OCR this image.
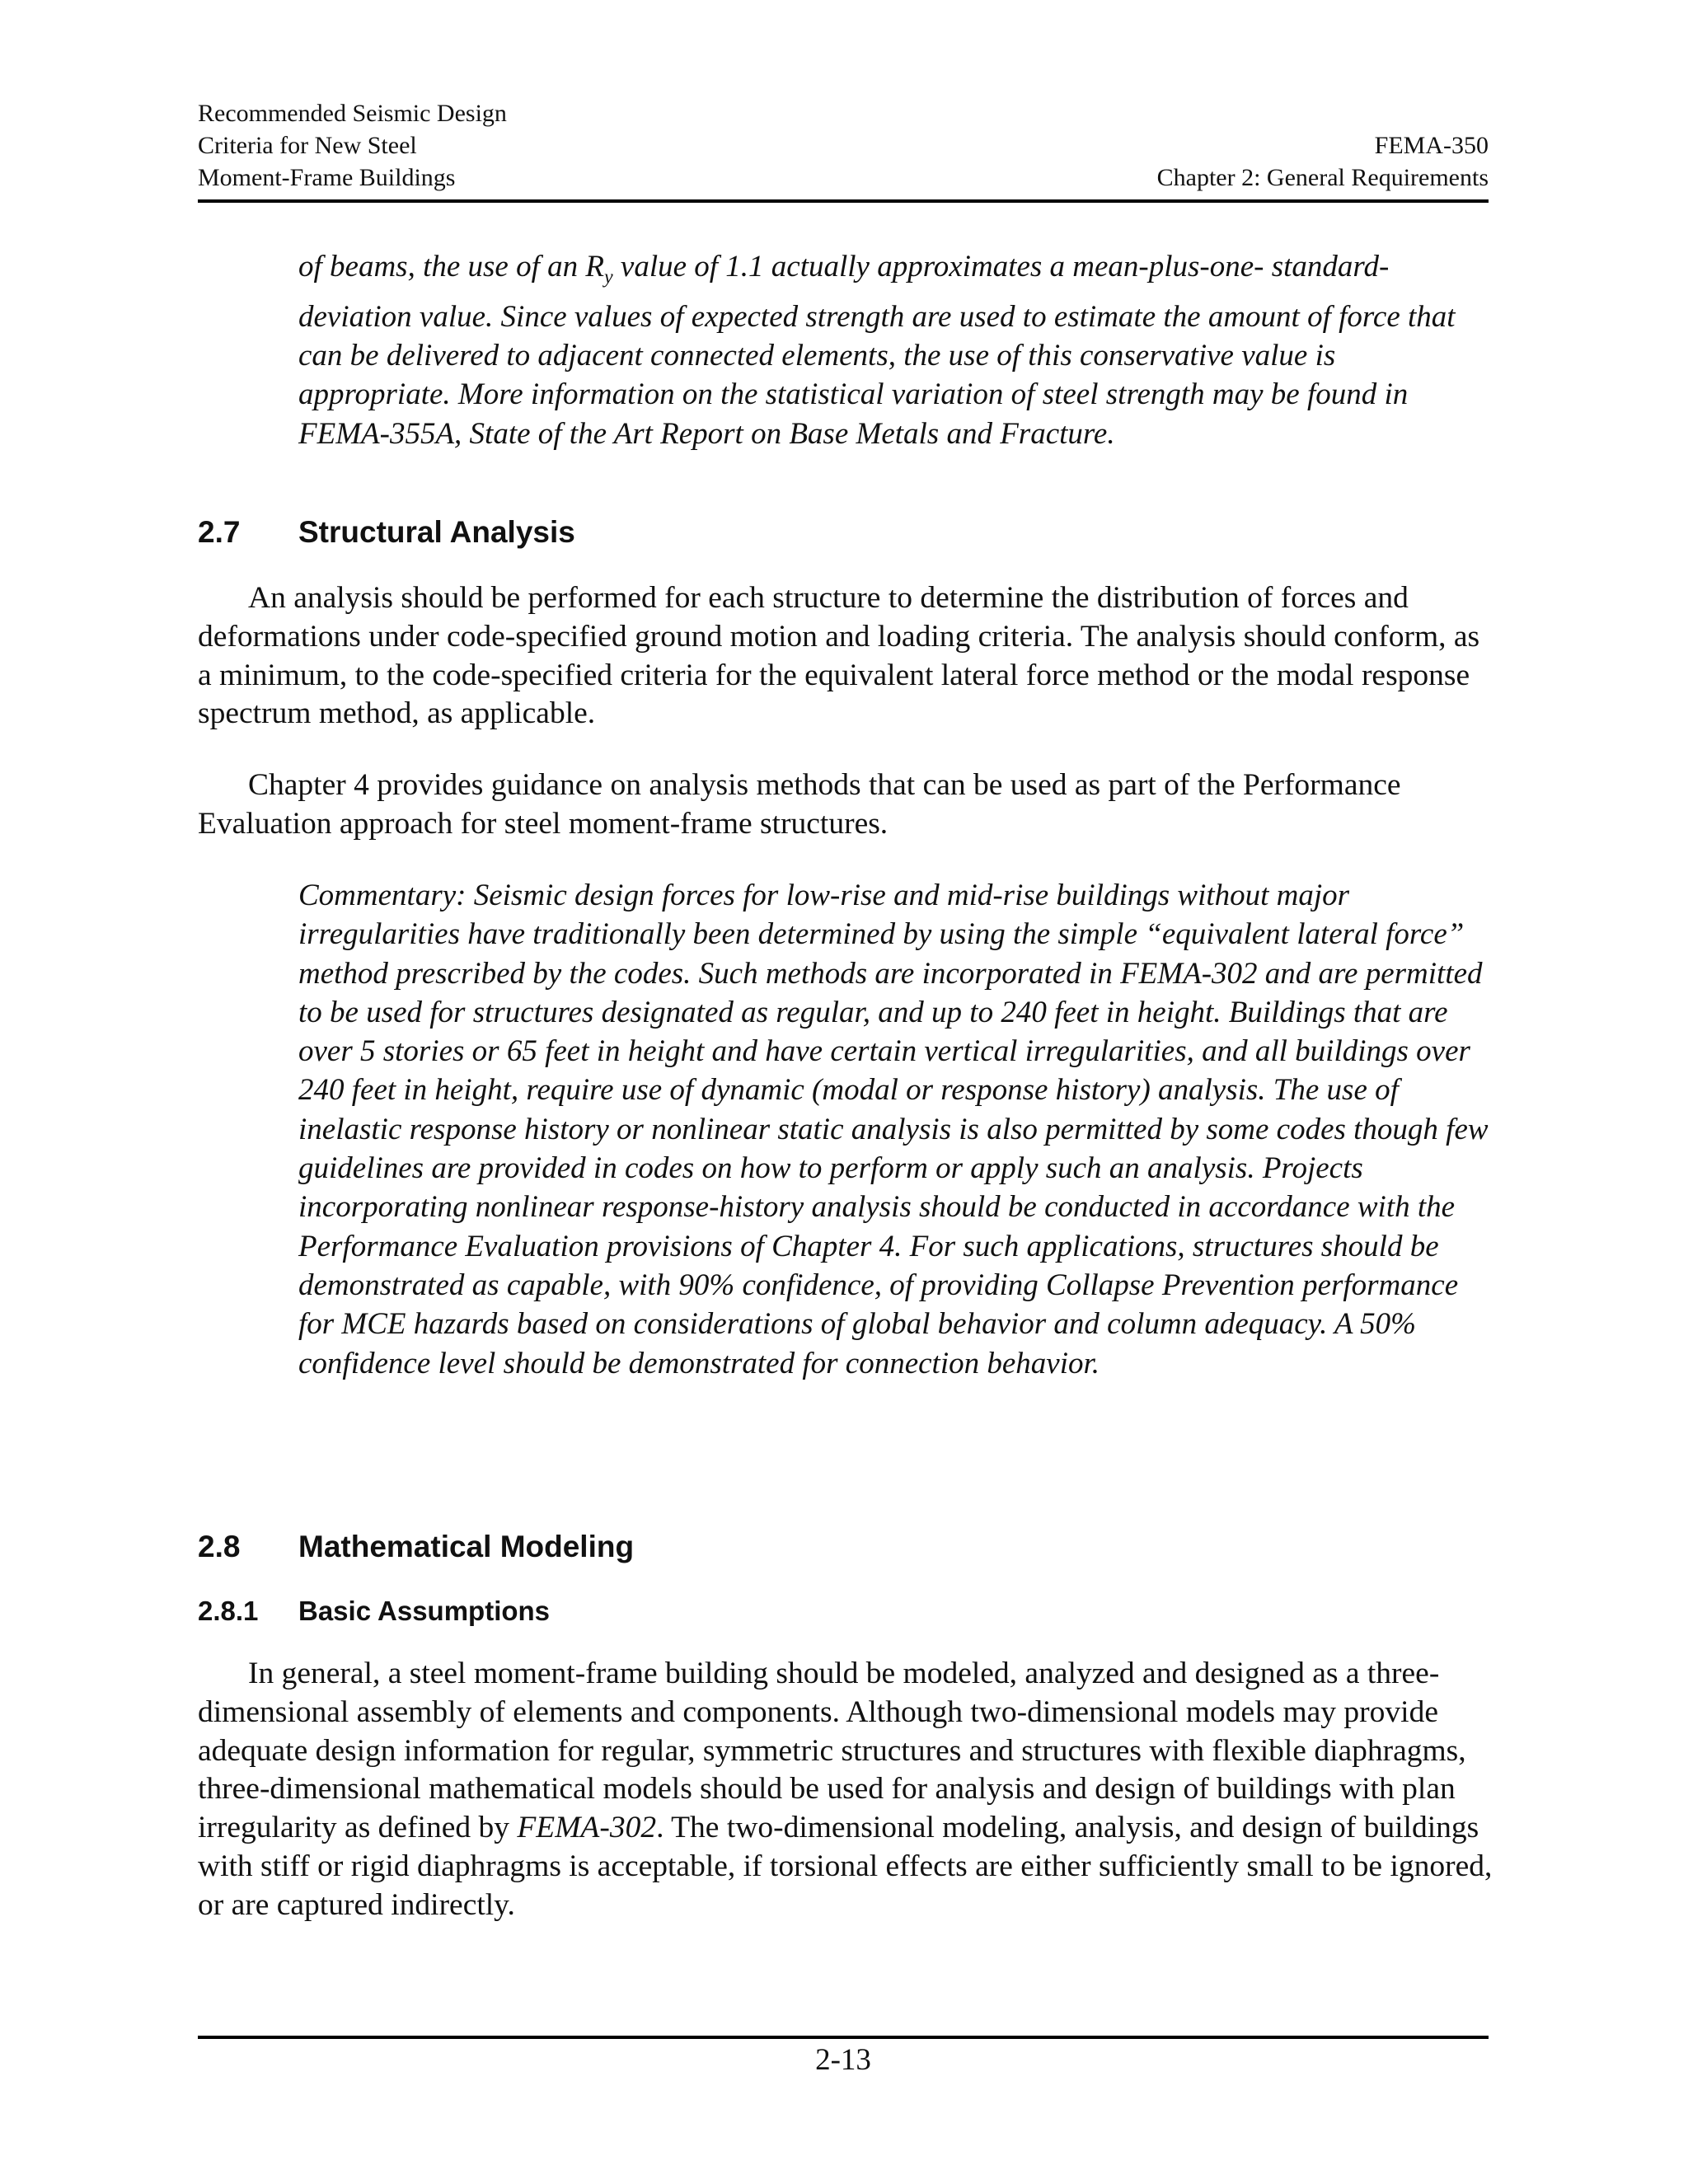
Recommended Seismic Design
Criteria for New Steel
Moment-Frame Buildings
FEMA-350
Chapter 2: General Requirements

of beams, the use of an $R_y$ value of 1.1 actually approximates a mean-plus-one- standard-deviation value. Since values of expected strength are used to estimate the amount of force that can be delivered to adjacent connected elements, the use of this conservative value is appropriate. More information on the statistical variation of steel strength may be found in FEMA-355A, State of the Art Report on Base Metals and Fracture.

2.7 Structural Analysis

An analysis should be performed for each structure to determine the distribution of forces and deformations under code-specified ground motion and loading criteria. The analysis should conform, as a minimum, to the code-specified criteria for the equivalent lateral force method or the modal response spectrum method, as applicable.

Chapter 4 provides guidance on analysis methods that can be used as part of the Performance Evaluation approach for steel moment-frame structures.

Commentary: Seismic design forces for low-rise and mid-rise buildings without major irregularities have traditionally been determined by using the simple “equivalent lateral force” method prescribed by the codes. Such methods are incorporated in FEMA-302 and are permitted to be used for structures designated as regular, and up to 240 feet in height. Buildings that are over 5 stories or 65 feet in height and have certain vertical irregularities, and all buildings over 240 feet in height, require use of dynamic (modal or response history) analysis. The use of inelastic response history or nonlinear static analysis is also permitted by some codes though few guidelines are provided in codes on how to perform or apply such an analysis. Projects incorporating nonlinear response-history analysis should be conducted in accordance with the Performance Evaluation provisions of Chapter 4. For such applications, structures should be demonstrated as capable, with 90% confidence, of providing Collapse Prevention performance for MCE hazards based on considerations of global behavior and column adequacy. A 50% confidence level should be demonstrated for connection behavior.

2.8 Mathematical Modeling
2.8.1 Basic Assumptions

In general, a steel moment-frame building should be modeled, analyzed and designed as a three-dimensional assembly of elements and components. Although two-dimensional models may provide adequate design information for regular, symmetric structures and structures with flexible diaphragms, three-dimensional mathematical models should be used for analysis and design of buildings with plan irregularity as defined by FEMA-302. The two-dimensional modeling, analysis, and design of buildings with stiff or rigid diaphragms is acceptable, if torsional effects are either sufficiently small to be ignored, or are captured indirectly.

2-13
